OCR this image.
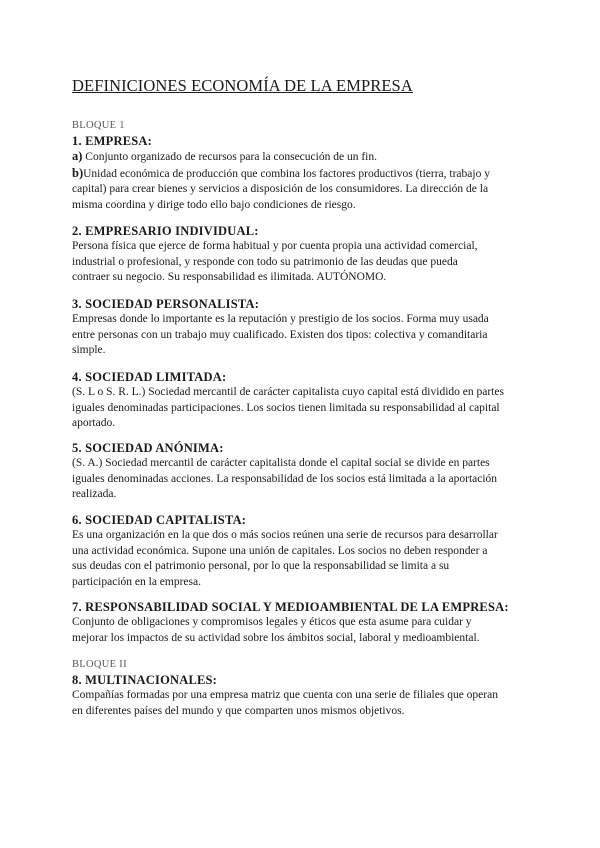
DEFINICIONES ECONOMÍA DE LA EMPRESA
BLOQUE 1
1. EMPRESA:
a) Conjunto organizado de recursos para la consecución de un fin.
b)Unidad económica de producción que combina los factores productivos (tierra, trabajo y
capital) para crear bienes y servicios a disposición de los consumidores. La dirección de la
misma coordina y dirige todo ello bajo condiciones de riesgo.
2. EMPRESARIO INDIVIDUAL:
Persona física que ejerce de forma habitual y por cuenta propia una actividad comercial,
industrial o profesional, y responde con todo su patrimonio de las deudas que pueda
contraer su negocio. Su responsabilidad es ilimitada. AUTÓNOMO.
3. SOCIEDAD PERSONALISTA:
Empresas donde lo importante es la reputación y prestigio de los socios. Forma muy usada
entre personas con un trabajo muy cualificado. Existen dos tipos: colectiva y comanditaria
simple.
4. SOCIEDAD LIMITADA:
(S. L o S. R. L.) Sociedad mercantil de carácter capitalista cuyo capital está dividido en partes
iguales denominadas participaciones. Los socios tienen limitada su responsabilidad al capital
aportado.
5. SOCIEDAD ANÓNIMA:
(S. A.) Sociedad mercantil de carácter capitalista donde el capital social se divide en partes
iguales denominadas acciones. La responsabilidad de los socios está limitada a la aportación
realizada.
6. SOCIEDAD CAPITALISTA:
Es una organización en la que dos o más socios reúnen una serie de recursos para desarrollar
una actividad económica. Supone una unión de capitales. Los socios no deben responder a
sus deudas con el patrimonio personal, por lo que la responsabilidad se limita a su
participación en la empresa.
7. RESPONSABILIDAD SOCIAL Y MEDIOAMBIENTAL DE LA EMPRESA:
Conjunto de obligaciones y compromisos legales y éticos que esta asume para cuidar y
mejorar los impactos de su actividad sobre los ámbitos social, laboral y medioambiental.
BLOQUE II
8. MULTINACIONALES:
Compañías formadas por una empresa matriz que cuenta con una serie de filiales que operan
en diferentes países del mundo y que comparten unos mismos objetivos.
